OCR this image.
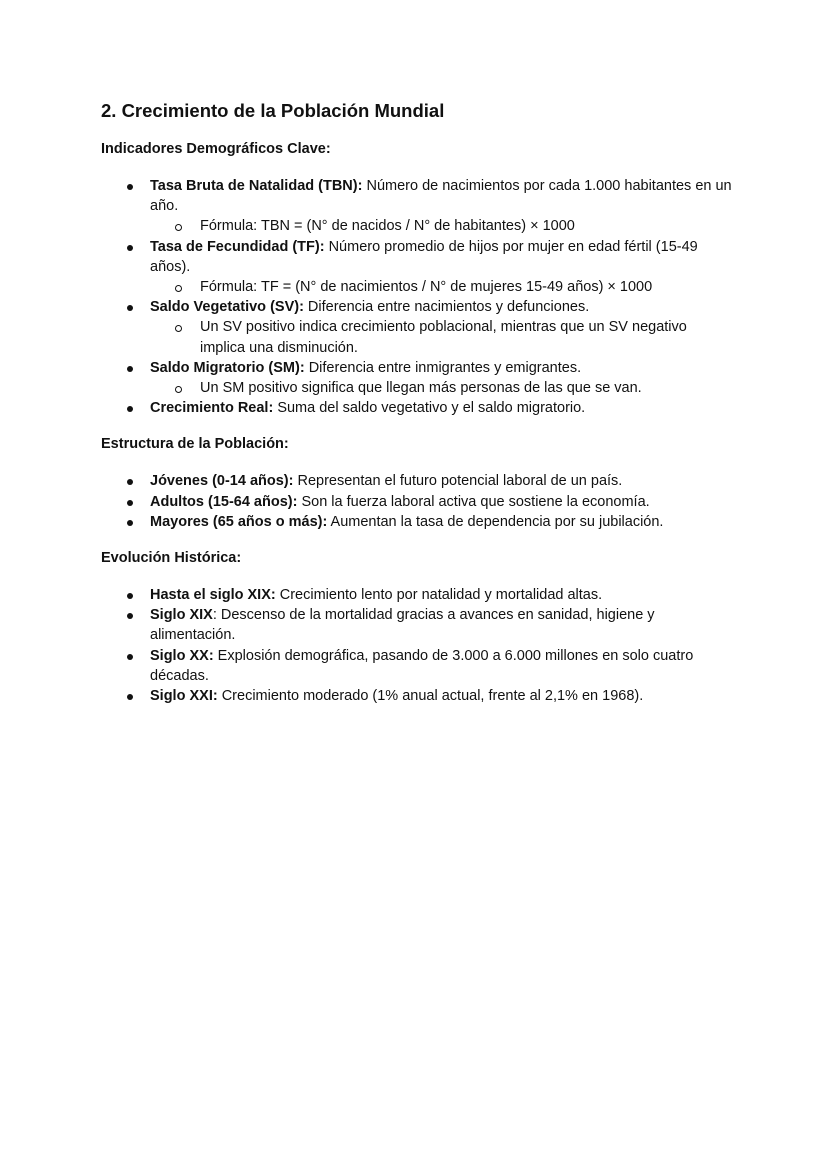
2. Crecimiento de la Población Mundial
Indicadores Demográficos Clave:
Tasa Bruta de Natalidad (TBN): Número de nacimientos por cada 1.000 habitantes en un año.
Fórmula: TBN = (N° de nacidos / N° de habitantes) × 1000
Tasa de Fecundidad (TF): Número promedio de hijos por mujer en edad fértil (15-49 años).
Fórmula: TF = (N° de nacimientos / N° de mujeres 15-49 años) × 1000
Saldo Vegetativo (SV): Diferencia entre nacimientos y defunciones.
Un SV positivo indica crecimiento poblacional, mientras que un SV negativo implica una disminución.
Saldo Migratorio (SM): Diferencia entre inmigrantes y emigrantes.
Un SM positivo significa que llegan más personas de las que se van.
Crecimiento Real: Suma del saldo vegetativo y el saldo migratorio.
Estructura de la Población:
Jóvenes (0-14 años): Representan el futuro potencial laboral de un país.
Adultos (15-64 años): Son la fuerza laboral activa que sostiene la economía.
Mayores (65 años o más): Aumentan la tasa de dependencia por su jubilación.
Evolución Histórica:
Hasta el siglo XIX: Crecimiento lento por natalidad y mortalidad altas.
Siglo XIX: Descenso de la mortalidad gracias a avances en sanidad, higiene y alimentación.
Siglo XX: Explosión demográfica, pasando de 3.000 a 6.000 millones en solo cuatro décadas.
Siglo XXI: Crecimiento moderado (1% anual actual, frente al 2,1% en 1968).
